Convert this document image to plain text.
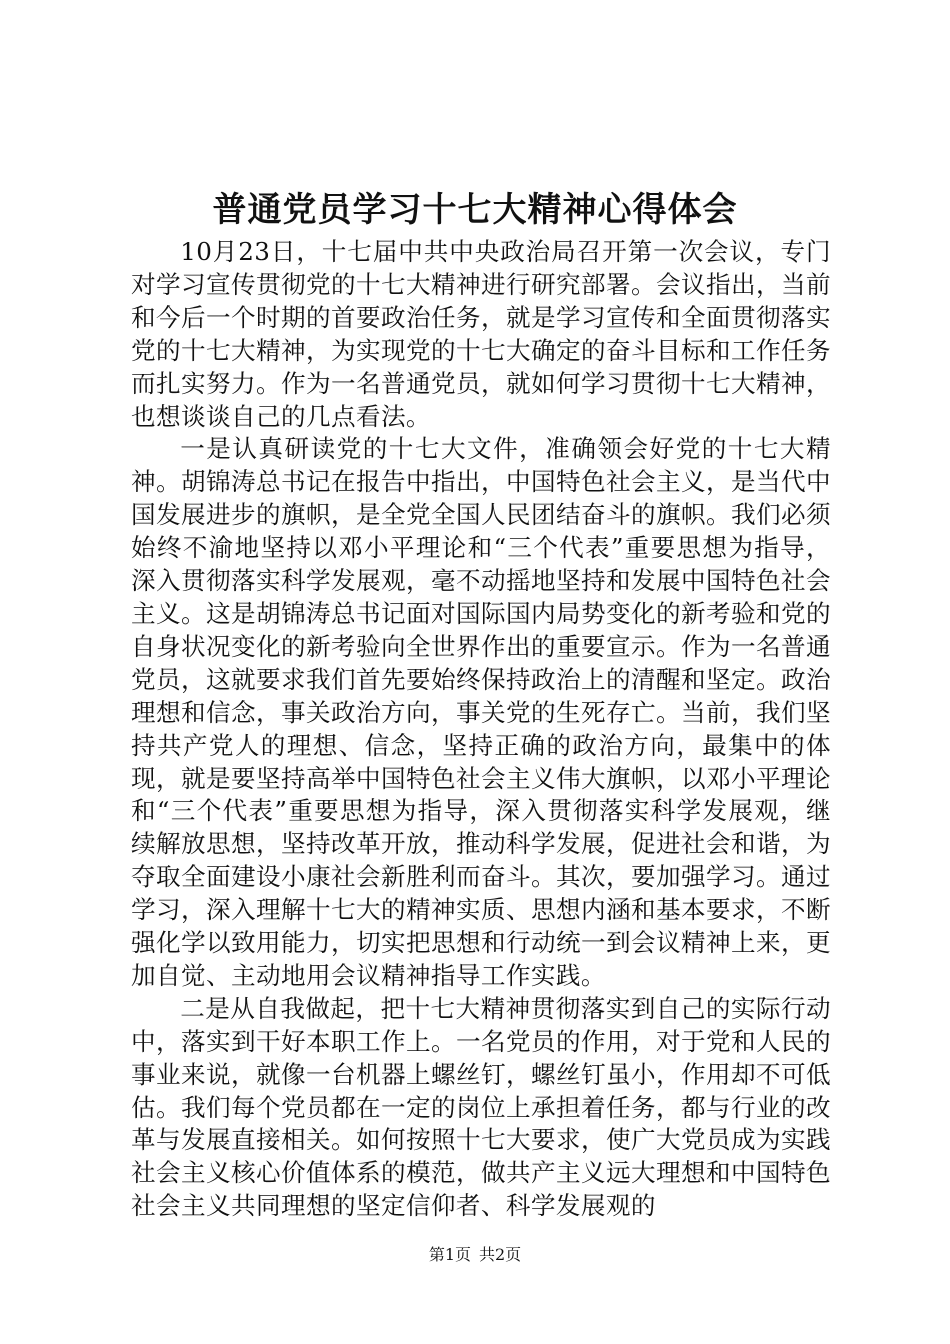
普通党员学习十七大精神心得体会

10月23日，十七届中共中央政治局召开第一次会议，专门对学习宣传贯彻党的十七大精神进行研究部署。会议指出，当前和今后一个时期的首要政治任务，就是学习宣传和全面贯彻落实党的十七大精神，为实现党的十七大确定的奋斗目标和工作任务而扎实努力。作为一名普通党员，就如何学习贯彻十七大精神，也想谈谈自己的几点看法。

一是认真研读党的十七大文件，准确领会好党的十七大精神。胡锦涛总书记在报告中指出，中国特色社会主义，是当代中国发展进步的旗帜，是全党全国人民团结奋斗的旗帜。我们必须始终不渝地坚持以邓小平理论和“三个代表”重要思想为指导，深入贯彻落实科学发展观，毫不动摇地坚持和发展中国特色社会主义。这是胡锦涛总书记面对国际国内局势变化的新考验和党的自身状况变化的新考验向全世界作出的重要宣示。作为一名普通党员，这就要求我们首先要始终保持政治上的清醒和坚定。政治理想和信念，事关政治方向，事关党的生死存亡。当前，我们坚持共产党人的理想、信念，坚持正确的政治方向，最集中的体现，就是要坚持高举中国特色社会主义伟大旗帜，以邓小平理论和“三个代表”重要思想为指导，深入贯彻落实科学发展观，继续解放思想，坚持改革开放，推动科学发展，促进社会和谐，为夺取全面建设小康社会新胜利而奋斗。其次，要加强学习。通过学习，深入理解十七大的精神实质、思想内涵和基本要求，不断强化学以致用能力，切实把思想和行动统一到会议精神上来，更加自觉、主动地用会议精神指导工作实践。

二是从自我做起，把十七大精神贯彻落实到自己的实际行动中，落实到干好本职工作上。一名党员的作用，对于党和人民的事业来说，就像一台机器上螺丝钉，螺丝钉虽小，作用却不可低估。我们每个党员都在一定的岗位上承担着任务，都与行业的改革与发展直接相关。如何按照十七大要求，使广大党员成为实践社会主义核心价值体系的模范，做共产主义远大理想和中国特色社会主义共同理想的坚定信仰者、科学发展观的

第1页 共2页
